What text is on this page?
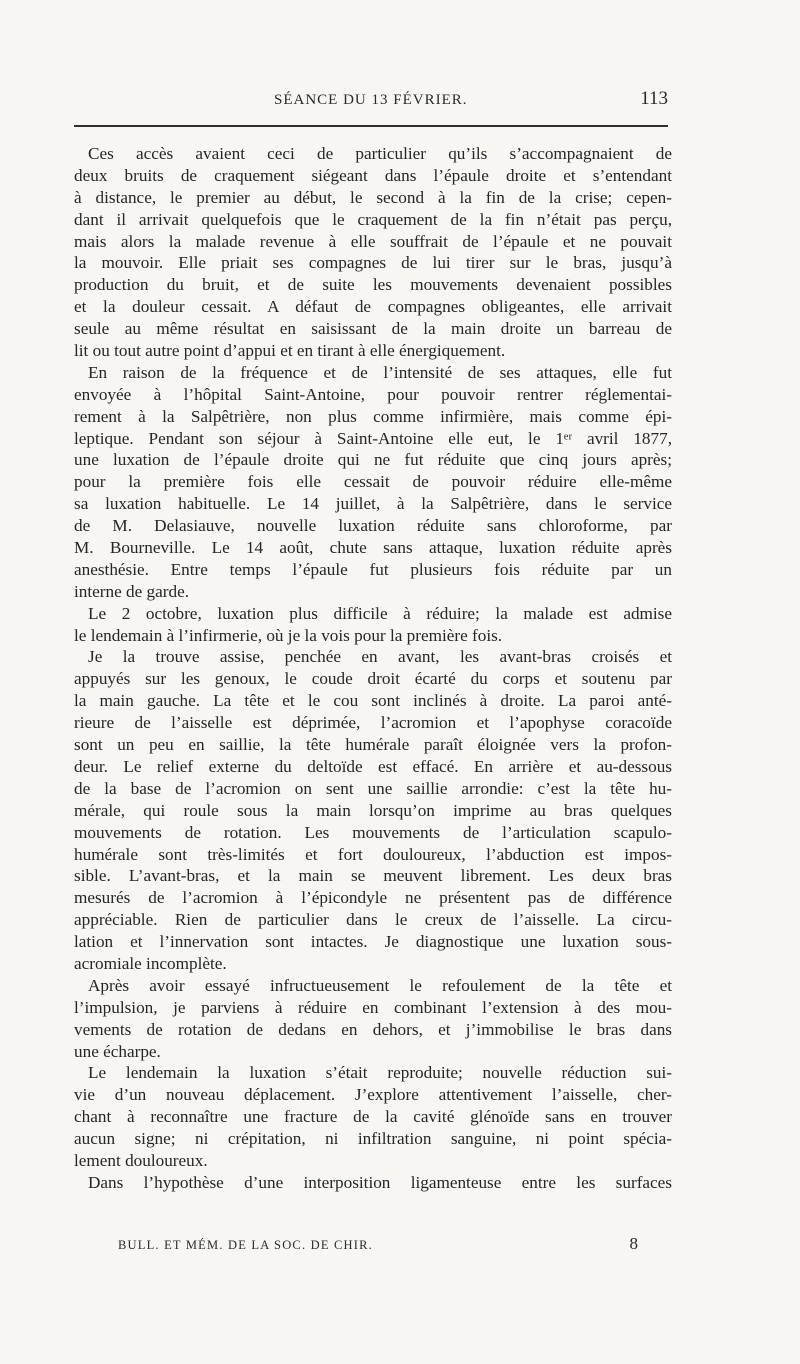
SÉANCE DU 13 FÉVRIER.	113
Ces accès avaient ceci de particulier qu’ils s’accompagnaient de
deux bruits de craquement siégeant dans l’épaule droite et s’entendant
à distance, le premier au début, le second à la fin de la crise; cepen-
dant il arrivait quelquefois que le craquement de la fin n’était pas perçu,
mais alors la malade revenue à elle souffrait de l’épaule et ne pouvait
la mouvoir. Elle priait ses compagnes de lui tirer sur le bras, jusqu’à
production du bruit, et de suite les mouvements devenaient possibles
et la douleur cessait. A défaut de compagnes obligeantes, elle arrivait
seule au même résultat en saisissant de la main droite un barreau de
lit ou tout autre point d’appui et en tirant à elle énergiquement.
En raison de la fréquence et de l’intensité de ses attaques, elle fut
envoyée à l’hôpital Saint-Antoine, pour pouvoir rentrer réglementai-
rement à la Salpêtrière, non plus comme infirmière, mais comme épi-
leptique. Pendant son séjour à Saint-Antoine elle eut, le 1ᵉʳ avril 1877,
une luxation de l’épaule droite qui ne fut réduite que cinq jours après;
pour la première fois elle cessait de pouvoir réduire elle-même
sa luxation habituelle. Le 14 juillet, à la Salpêtrière, dans le service
de M. Delasiauve, nouvelle luxation réduite sans chloroforme, par
M. Bourneville. Le 14 août, chute sans attaque, luxation réduite après
anesthésie. Entre temps l’épaule fut plusieurs fois réduite par un
interne de garde.
Le 2 octobre, luxation plus difficile à réduire; la malade est admise
le lendemain à l’infirmerie, où je la vois pour la première fois.
Je la trouve assise, penchée en avant, les avant-bras croisés et
appuyés sur les genoux, le coude droit écarté du corps et soutenu par
la main gauche. La tête et le cou sont inclinés à droite. La paroi anté-
rieure de l’aisselle est déprimée, l’acromion et l’apophyse coracoïde
sont un peu en saillie, la tête humérale paraît éloignée vers la profon-
deur. Le relief externe du deltoïde est effacé. En arrière et au-dessous
de la base de l’acromion on sent une saillie arrondie: c’est la tête hu-
mérale, qui roule sous la main lorsqu’on imprime au bras quelques
mouvements de rotation. Les mouvements de l’articulation scapulo-
humérale sont très-limités et fort douloureux, l’abduction est impos-
sible. L’avant-bras, et la main se meuvent librement. Les deux bras
mesurés de l’acromion à l’épicondyle ne présentent pas de différence
appréciable. Rien de particulier dans le creux de l’aisselle. La circu-
lation et l’innervation sont intactes. Je diagnostique une luxation sous-
acromiale incomplète.
Après avoir essayé infructueusement le refoulement de la tête et
l’impulsion, je parviens à réduire en combinant l’extension à des mou-
vements de rotation de dedans en dehors, et j’immobilise le bras dans
une écharpe.
Le lendemain la luxation s’était reproduite; nouvelle réduction sui-
vie d’un nouveau déplacement. J’explore attentivement l’aisselle, cher-
chant à reconnaître une fracture de la cavité glénoïde sans en trouver
aucun signe; ni crépitation, ni infiltration sanguine, ni point spécia-
lement douloureux.
Dans l’hypothèse d’une interposition ligamenteuse entre les surfaces
BULL. ET MÉM. DE LA SOC. DE CHIR.	8
